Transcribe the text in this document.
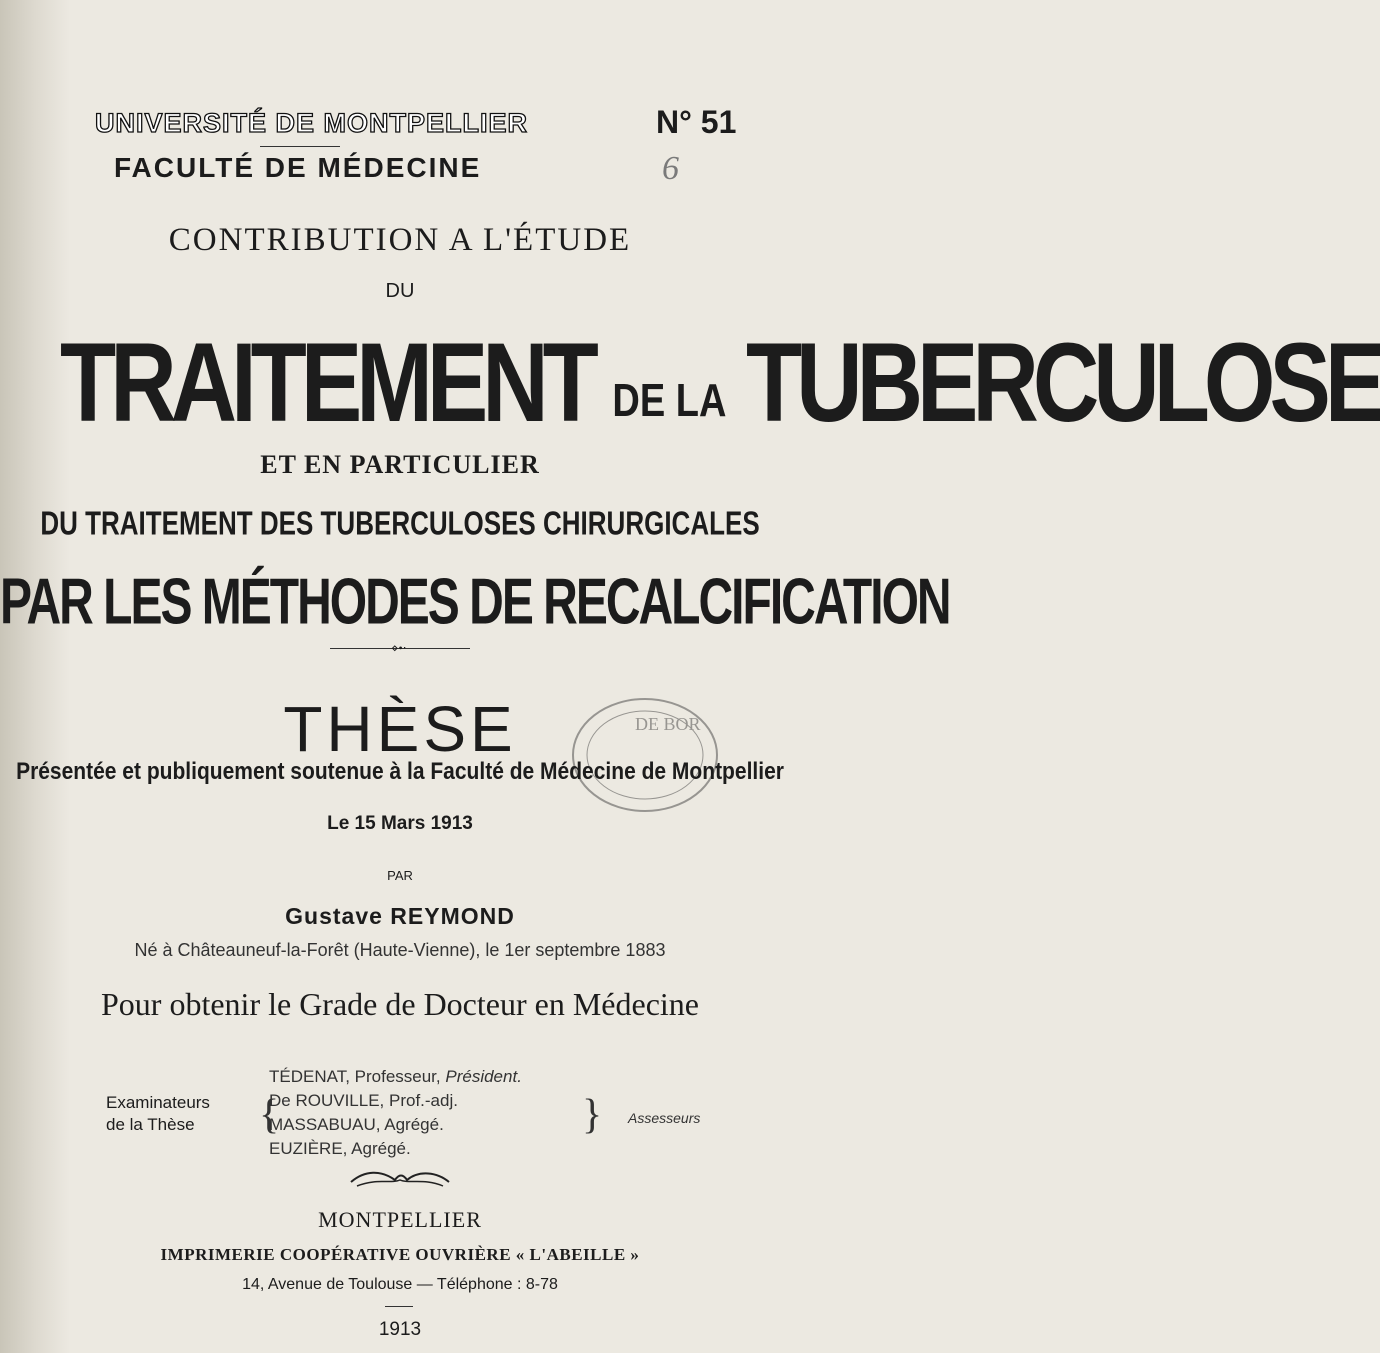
UNIVERSITÉ DE MONTPELLIER	N° 51
6
FACULTÉ DE MÉDECINE
CONTRIBUTION A L'ÉTUDE
DU
TRAITEMENT DE LA TUBERCULOSE
ET EN PARTICULIER
DU TRAITEMENT DES TUBERCULOSES CHIRURGICALES
PAR LES MÉTHODES DE RECALCIFICATION
⋄•⋅
THÈSE	DE BOR
Présentée et publiquement soutenue à la Faculté de Médecine de Montpellier
Le 15 Mars 1913
PAR
Gustave REYMOND
Né à Châteauneuf-la-Forêt (Haute-Vienne), le 1er septembre 1883
Pour obtenir le Grade de Docteur en Médecine
Examinateurs
de la Thèse	{
TÉDENAT, Professeur, Président.
De ROUVILLE, Prof.-adj.
MASSABUAU, Agrégé.
EUZIÈRE, Agrégé.
} Assesseurs
MONTPELLIER
IMPRIMERIE COOPÉRATIVE OUVRIÈRE « L'ABEILLE »
14, Avenue de Toulouse — Téléphone : 8-78
1913
